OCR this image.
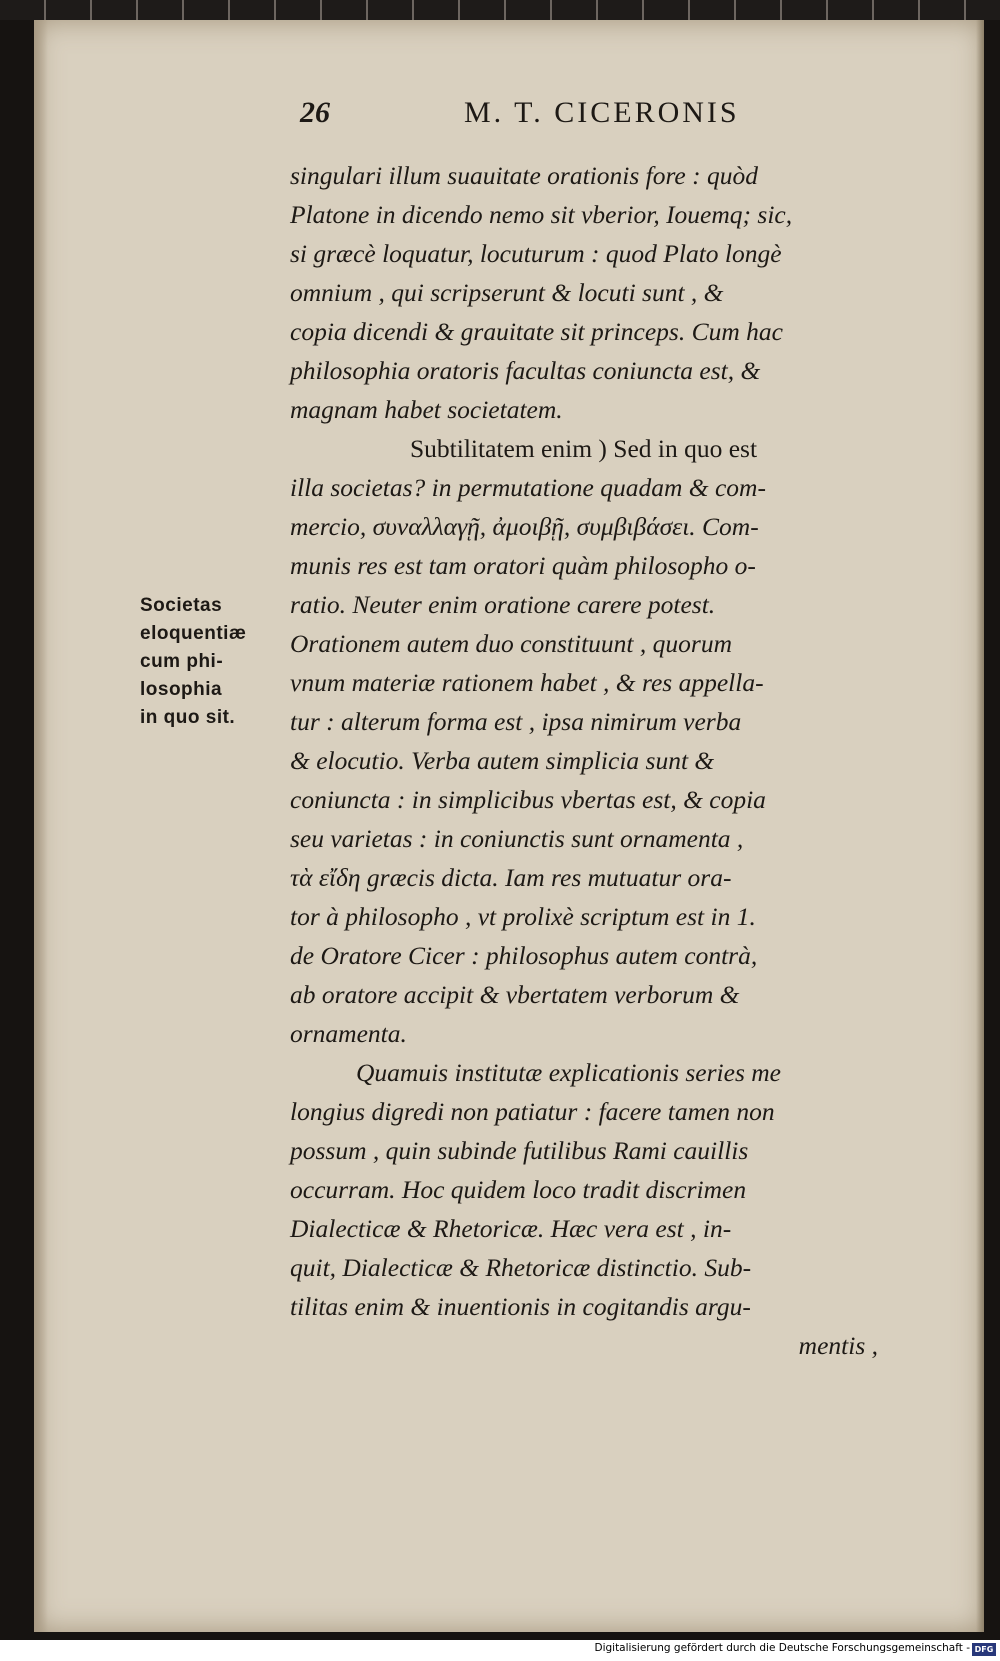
26	M. T. CICERONIS
Societas
eloquentiæ
cum phi-
losophia
in quo sit.
singulari illum suauitate orationis fore : quòd
Platone in dicendo nemo sit vberior, Iouemq; sic,
si græcè loquatur, locuturum : quod Plato longè
omnium , qui scripserunt & locuti sunt , &
copia dicendi & grauitate sit princeps. Cum hac
philosophia oratoris facultas coniuncta est, &
magnam habet societatem.
Subtilitatem enim ) Sed in quo est
illa societas? in permutatione quadam & com-
mercio, συναλλαγῇ, ἀμοιβῇ, συμβιβάσει. Com-
munis res est tam oratori quàm philosopho o-
ratio. Neuter enim oratione carere potest.
Orationem autem duo constituunt , quorum
vnum materiæ rationem habet , & res appella-
tur : alterum forma est , ipsa nimirum verba
& elocutio. Verba autem simplicia sunt &
coniuncta : in simplicibus vbertas est, & copia
seu varietas : in coniunctis sunt ornamenta ,
τὰ εἴδη græcis dicta. Iam res mutuatur ora-
tor à philosopho , vt prolixè scriptum est in 1.
de Oratore Cicer : philosophus autem contrà,
ab oratore accipit & vbertatem verborum &
ornamenta.
Quamuis institutæ explicationis series me
longius digredi non patiatur : facere tamen non
possum , quin subinde futilibus Rami cauillis
occurram. Hoc quidem loco tradit discrimen
Dialecticæ & Rhetoricæ. Hæc vera est , in-
quit, Dialecticæ & Rhetoricæ distinctio. Sub-
tilitas enim & inuentionis in cogitandis argu-
mentis ,
Digitalisierung gefördert durch die Deutsche Forschungsgemeinschaft - DFG
